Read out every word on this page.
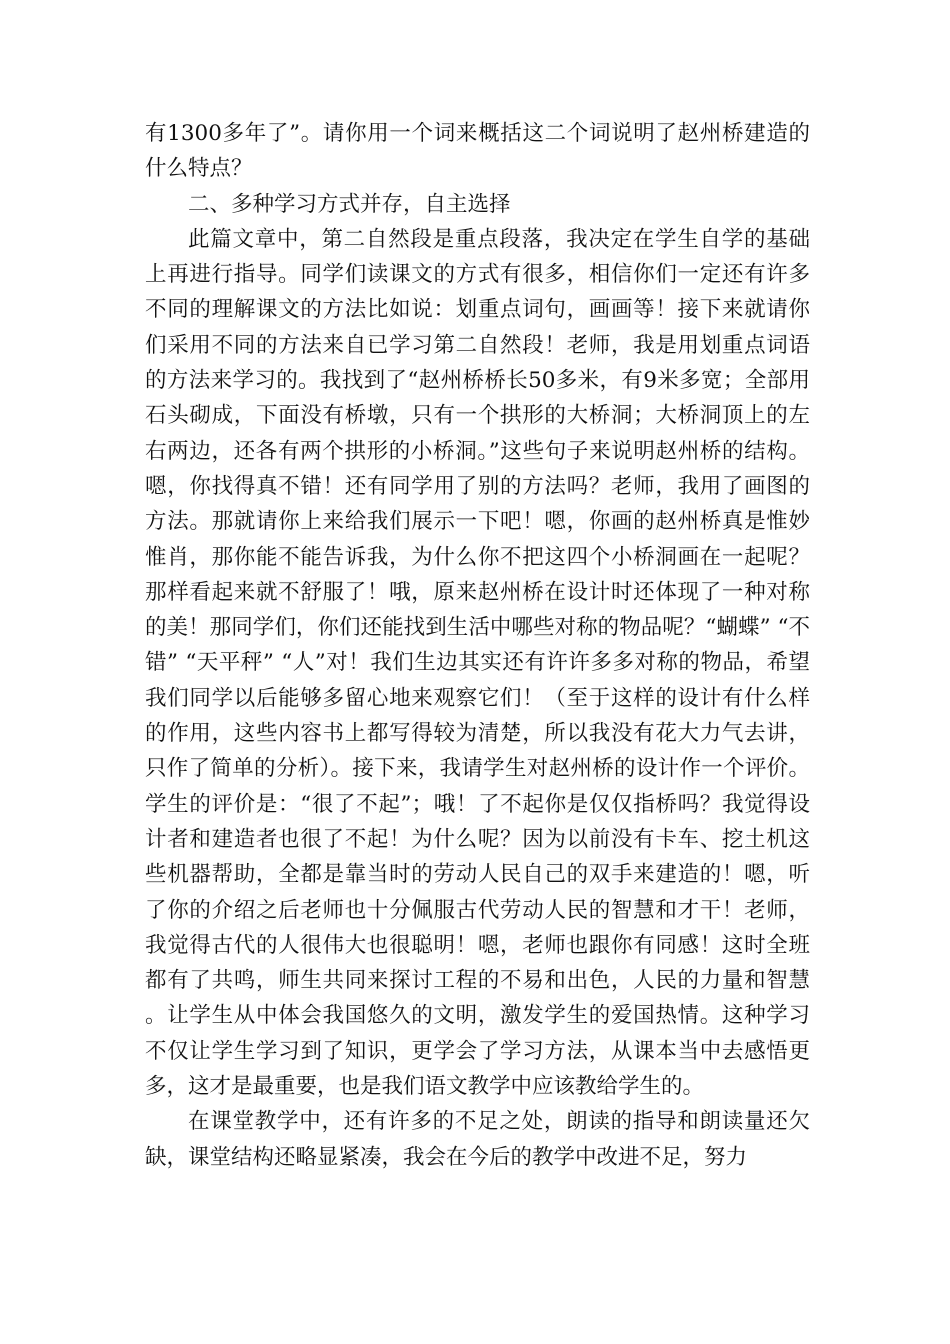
有1300多年了”。请你用一个词来概括这二个词说明了赵州桥建造的什么特点？

二、多种学习方式并存，自主选择

此篇文章中，第二自然段是重点段落，我决定在学生自学的基础上再进行指导。同学们读课文的方式有很多，相信你们一定还有许多不同的理解课文的方法比如说：划重点词句，画画等！接下来就请你们采用不同的方法来自已学习第二自然段！老师，我是用划重点词语的方法来学习的。我找到了“赵州桥桥长50多米，有9米多宽；全部用石头砌成，下面没有桥墩，只有一个拱形的大桥洞；大桥洞顶上的左右两边，还各有两个拱形的小桥洞。”这些句子来说明赵州桥的结构。嗯，你找得真不错！还有同学用了别的方法吗？老师，我用了画图的方法。那就请你上来给我们展示一下吧！嗯，你画的赵州桥真是惟妙惟肖，那你能不能告诉我，为什么你不把这四个小桥洞画在一起呢？那样看起来就不舒服了！哦，原来赵州桥在设计时还体现了一种对称的美！那同学们，你们还能找到生活中哪些对称的物品呢？“蝴蝶” “不错” “天平秤” “人”对！我们生边其实还有许许多多对称的物品，希望我们同学以后能够多留心地来观察它们！（至于这样的设计有什么样的作用，这些内容书上都写得较为清楚，所以我没有花大力气去讲，只作了简单的分析）。接下来，我请学生对赵州桥的设计作一个评价。学生的评价是：“很了不起”；哦！了不起你是仅仅指桥吗？我觉得设计者和建造者也很了不起！为什么呢？因为以前没有卡车、挖土机这些机器帮助，全都是靠当时的劳动人民自己的双手来建造的！嗯，听了你的介绍之后老师也十分佩服古代劳动人民的智慧和才干！老师，我觉得古代的人很伟大也很聪明！嗯，老师也跟你有同感！这时全班都有了共鸣，师生共同来探讨工程的不易和出色，人民的力量和智慧。让学生从中体会我国悠久的文明，激发学生的爱国热情。这种学习不仅让学生学习到了知识，更学会了学习方法，从课本当中去感悟更多，这才是最重要，也是我们语文教学中应该教给学生的。

在课堂教学中，还有许多的不足之处，朗读的指导和朗读量还欠缺，课堂结构还略显紧凑，我会在今后的教学中改进不足，努力
